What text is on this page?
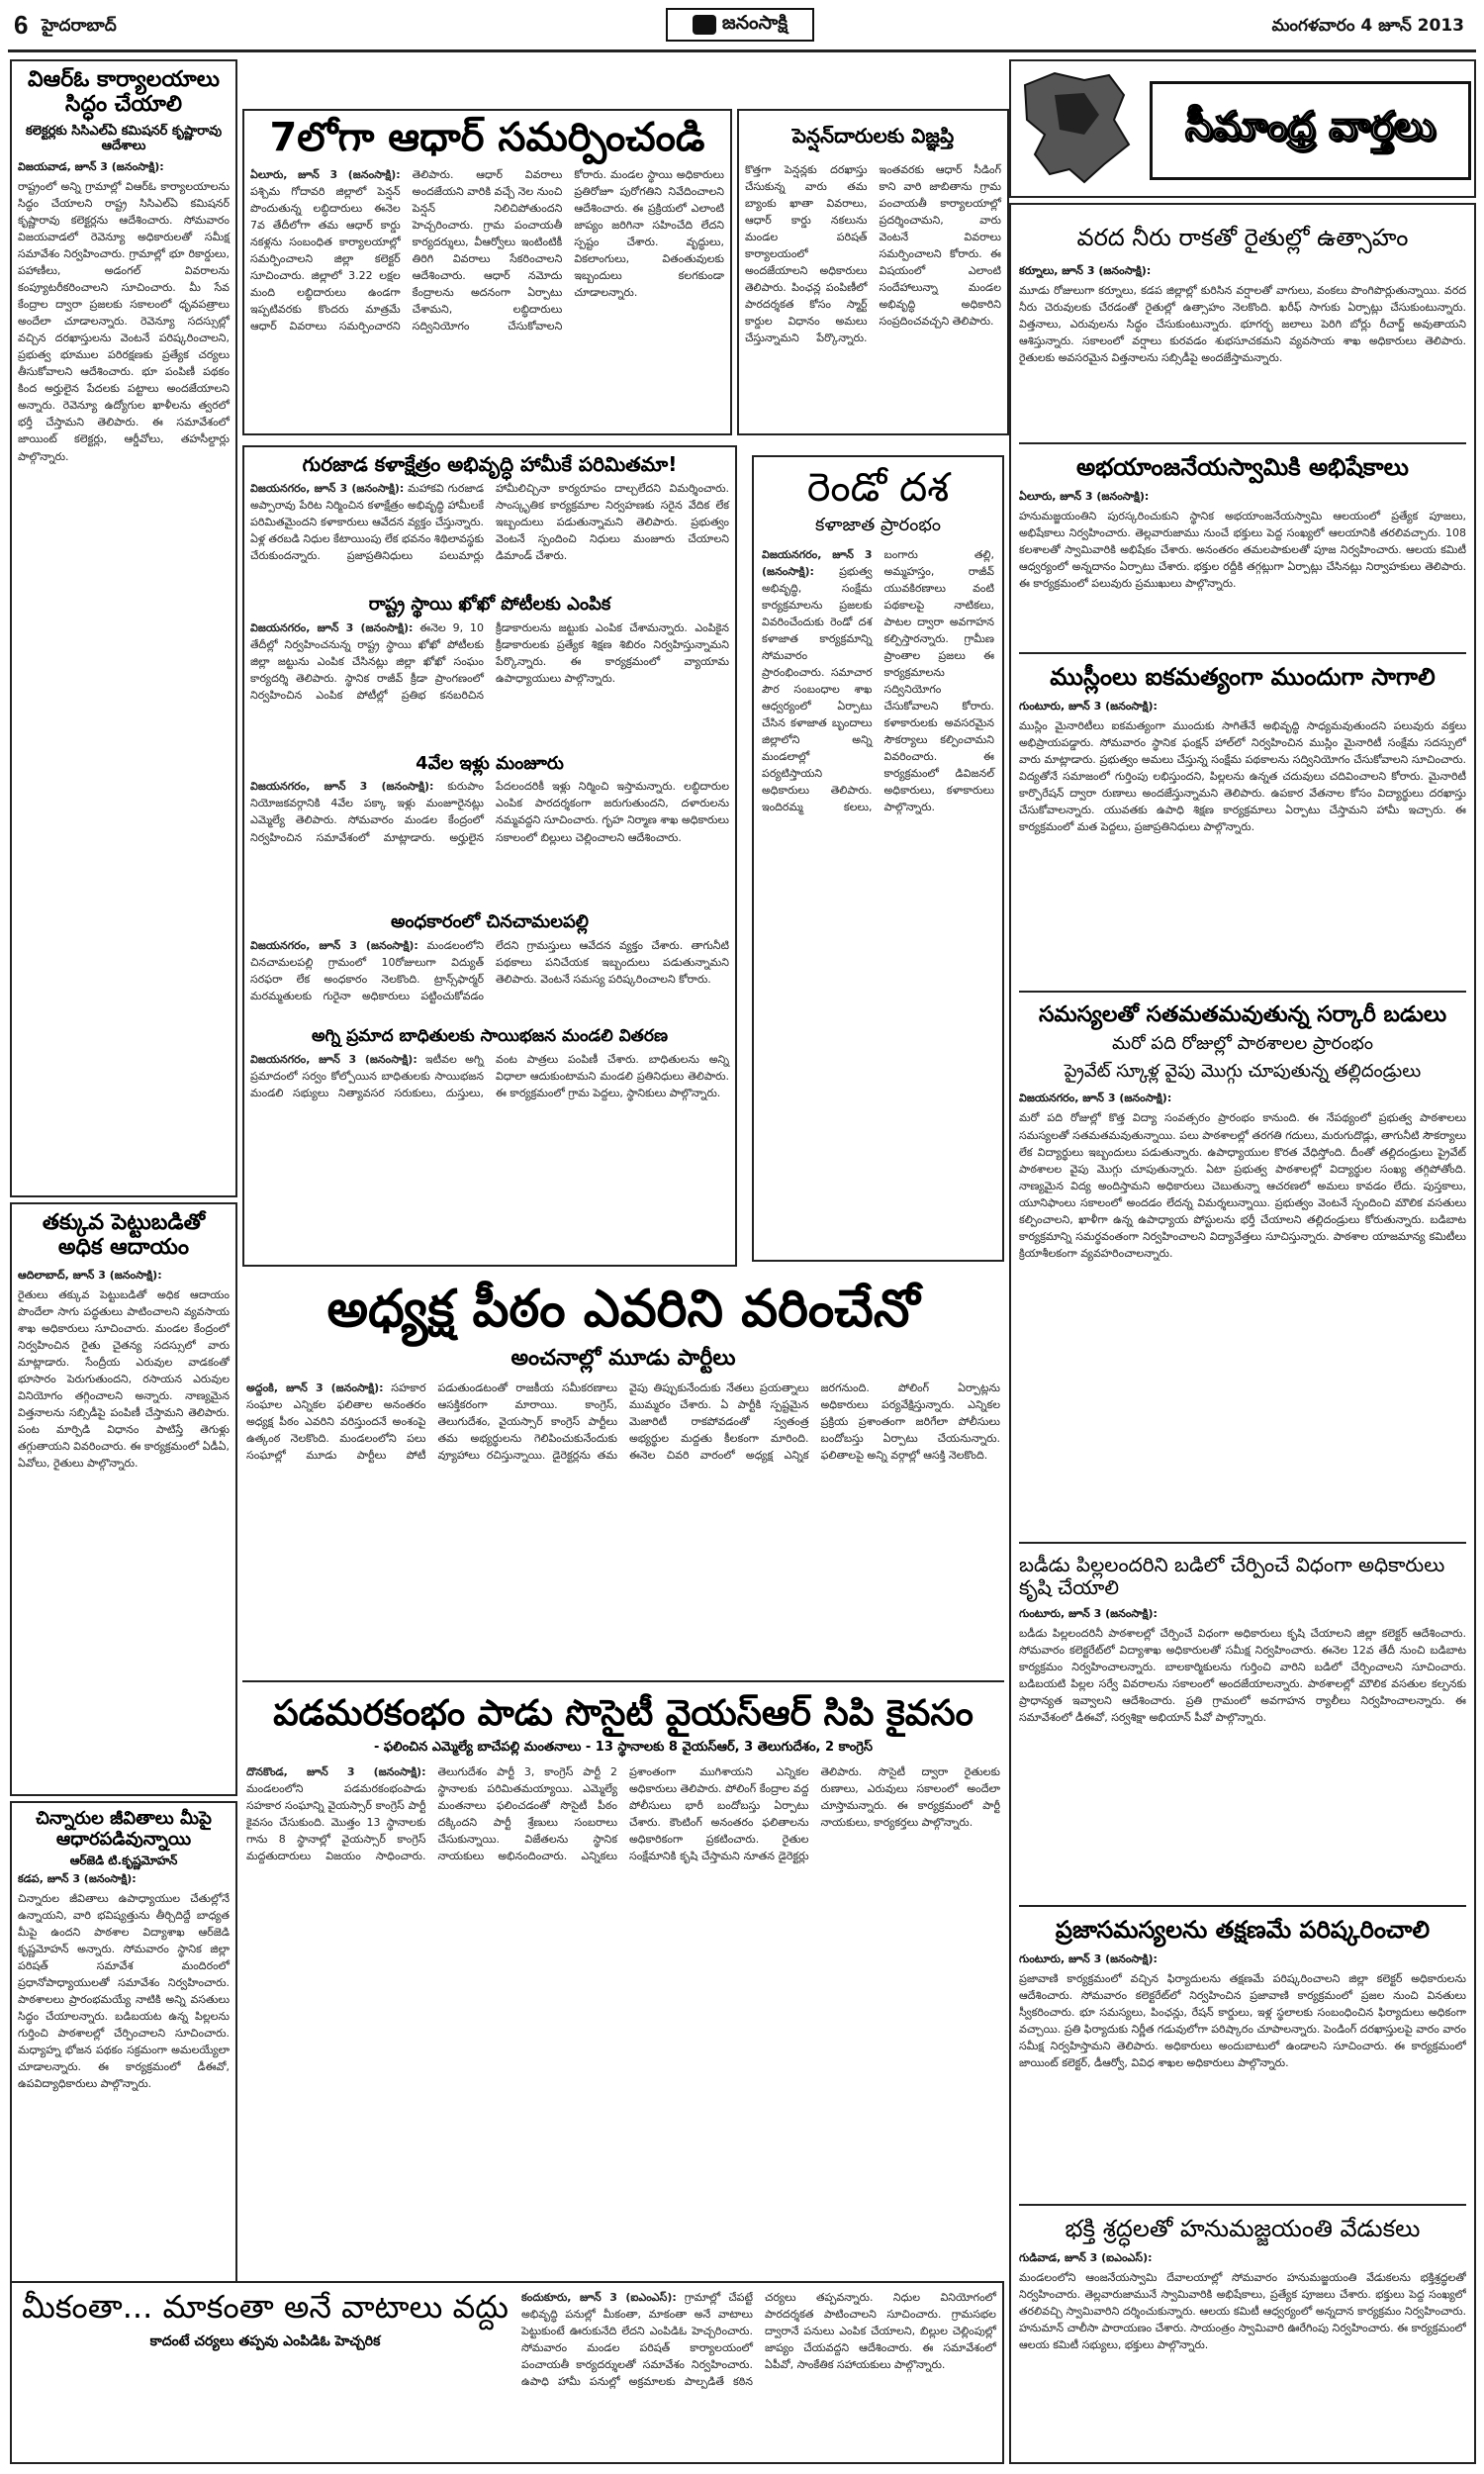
6 హైదరాబాద్	జనంసాక్షి	మంగళవారం 4 జూన్ 2013
విఆర్ఓ కార్యాలయాలు సిద్ధం చేయాలి
కలెక్టర్లకు సిసిఎల్ఏ కమిషనర్ కృష్ణారావు ఆదేశాలు
విజయవాడ, జూన్ 3 (జనంసాక్షి):
రాష్ట్రంలో అన్ని గ్రామాల్లో విఆర్ఓ కార్యాలయాలను సిద్ధం చేయాలని రాష్ట్ర సిసిఎల్ఏ కమిషనర్ కృష్ణారావు కలెక్టర్లను ఆదేశించారు. సోమవారం విజయవాడలో రెవెన్యూ అధికారులతో సమీక్ష సమావేశం నిర్వహించారు. గ్రామాల్లో భూ రికార్డులు, పహాణీలు, అడంగల్ వివరాలను కంప్యూటరీకరించాలని సూచించారు. మీ సేవ కేంద్రాల ద్వారా ప్రజలకు సకాలంలో ధృవపత్రాలు అందేలా చూడాలన్నారు. రెవెన్యూ సదస్సుల్లో వచ్చిన దరఖాస్తులను వెంటనే పరిష్కరించాలని, ప్రభుత్వ భూముల పరిరక్షణకు ప్రత్యేక చర్యలు తీసుకోవాలని ఆదేశించారు. భూ పంపిణీ పథకం కింద అర్హులైన పేదలకు పట్టాలు అందజేయాలని అన్నారు. రెవెన్యూ ఉద్యోగుల ఖాళీలను త్వరలో భర్తీ చేస్తామని తెలిపారు. ఈ సమావేశంలో జాయింట్ కలెక్టర్లు, ఆర్డీవోలు, తహసీల్దార్లు పాల్గొన్నారు.
తక్కువ పెట్టుబడితో అధిక ఆదాయం
ఆదిలాబాద్, జూన్ 3 (జనంసాక్షి):
రైతులు తక్కువ పెట్టుబడితో అధిక ఆదాయం పొందేలా సాగు పద్ధతులు పాటించాలని వ్యవసాయ శాఖ అధికారులు సూచించారు. మండల కేంద్రంలో నిర్వహించిన రైతు చైతన్య సదస్సులో వారు మాట్లాడారు. సేంద్రీయ ఎరువుల వాడకంతో భూసారం పెరుగుతుందని, రసాయన ఎరువుల వినియోగం తగ్గించాలని అన్నారు. నాణ్యమైన విత్తనాలను సబ్సిడీపై పంపిణీ చేస్తామని తెలిపారు. పంట మార్పిడి విధానం పాటిస్తే తెగుళ్లు తగ్గుతాయని వివరించారు. ఈ కార్యక్రమంలో ఏడీఏ, ఏవోలు, రైతులు పాల్గొన్నారు.
చిన్నారుల జీవితాలు మీపై ఆధారపడివున్నాయి
ఆర్‌జెడి టి.కృష్ణమోహన్
కడప, జూన్ 3 (జనంసాక్షి):
చిన్నారుల జీవితాలు ఉపాధ్యాయుల చేతుల్లోనే ఉన్నాయని, వారి భవిష్యత్తును తీర్చిదిద్దే బాధ్యత మీపై ఉందని పాఠశాల విద్యాశాఖ ఆర్‌జెడి కృష్ణమోహన్ అన్నారు. సోమవారం స్థానిక జిల్లా పరిషత్ సమావేశ మందిరంలో ప్రధానోపాధ్యాయులతో సమావేశం నిర్వహించారు. పాఠశాలలు ప్రారంభమయ్యే నాటికి అన్ని వసతులు సిద్ధం చేయాలన్నారు. బడిబయట ఉన్న పిల్లలను గుర్తించి పాఠశాలల్లో చేర్పించాలని సూచించారు. మధ్యాహ్న భోజన పథకం సక్రమంగా అమలయ్యేలా చూడాలన్నారు. ఈ కార్యక్రమంలో డీఈవో, ఉపవిద్యాధికారులు పాల్గొన్నారు.
7లోగా ఆధార్ సమర్పించండి
ఏలూరు, జూన్ 3 (జనంసాక్షి): పశ్చిమ గోదావరి జిల్లాలో పెన్షన్ పొందుతున్న లబ్ధిదారులు ఈనెల 7వ తేదీలోగా తమ ఆధార్ కార్డు నకళ్లను సంబంధిత కార్యాలయాల్లో సమర్పించాలని జిల్లా కలెక్టర్ సూచించారు. జిల్లాలో 3.22 లక్షల మంది లబ్ధిదారులు ఉండగా ఇప్పటివరకు కొందరు మాత్రమే ఆధార్ వివరాలు సమర్పించారని తెలిపారు. ఆధార్ వివరాలు అందజేయని వారికి వచ్చే నెల నుంచి పెన్షన్ నిలిచిపోతుందని హెచ్చరించారు. గ్రామ పంచాయతీ కార్యదర్శులు, వీఆర్వోలు ఇంటింటికీ తిరిగి వివరాలు సేకరించాలని ఆదేశించారు. ఆధార్ నమోదు కేంద్రాలను అదనంగా ఏర్పాటు చేశామని, లబ్ధిదారులు సద్వినియోగం చేసుకోవాలని కోరారు. మండల స్థాయి అధికారులు ప్రతిరోజూ పురోగతిని నివేదించాలని ఆదేశించారు. ఈ ప్రక్రియలో ఎలాంటి జాప్యం జరిగినా సహించేది లేదని స్పష్టం చేశారు. వృద్ధులు, వికలాంగులు, వితంతువులకు ఇబ్బందులు కలగకుండా చూడాలన్నారు.
పెన్షన్‌దారులకు విజ్ఞప్తి
కొత్తగా పెన్షన్లకు దరఖాస్తు చేసుకున్న వారు తమ బ్యాంకు ఖాతా వివరాలు, ఆధార్ కార్డు నకలును మండల పరిషత్ కార్యాలయంలో అందజేయాలని అధికారులు తెలిపారు. పింఛన్ల పంపిణీలో పారదర్శకత కోసం స్మార్ట్ కార్డుల విధానం అమలు చేస్తున్నామని పేర్కొన్నారు. ఇంతవరకు ఆధార్ సీడింగ్ కాని వారి జాబితాను గ్రామ పంచాయతీ కార్యాలయాల్లో ప్రదర్శించామని, వారు వెంటనే వివరాలు సమర్పించాలని కోరారు. ఈ విషయంలో ఎలాంటి సందేహాలున్నా మండల అభివృద్ధి అధికారిని సంప్రదించవచ్చని తెలిపారు.
గురజాడ కళాక్షేత్రం అభివృద్ధి హామీకే పరిమితమా!
విజయనగరం, జూన్ 3 (జనంసాక్షి): మహాకవి గురజాడ అప్పారావు పేరిట నిర్మించిన కళాక్షేత్రం అభివృద్ధి హామీలకే పరిమితమైందని కళాకారులు ఆవేదన వ్యక్తం చేస్తున్నారు. ఏళ్ల తరబడి నిధుల కేటాయింపు లేక భవనం శిథిలావస్థకు చేరుకుందన్నారు. ప్రజాప్రతినిధులు పలుమార్లు హామీలిచ్చినా కార్యరూపం దాల్చలేదని విమర్శించారు. సాంస్కృతిక కార్యక్రమాల నిర్వహణకు సరైన వేదిక లేక ఇబ్బందులు పడుతున్నామని తెలిపారు. ప్రభుత్వం వెంటనే స్పందించి నిధులు మంజూరు చేయాలని డిమాండ్ చేశారు.
రాష్ట్ర స్థాయి ఖోఖో పోటీలకు ఎంపిక
విజయనగరం, జూన్ 3 (జనంసాక్షి): ఈనెల 9, 10 తేదీల్లో నిర్వహించనున్న రాష్ట్ర స్థాయి ఖోఖో పోటీలకు జిల్లా జట్టును ఎంపిక చేసినట్లు జిల్లా ఖోఖో సంఘం కార్యదర్శి తెలిపారు. స్థానిక రాజీవ్ క్రీడా ప్రాంగణంలో నిర్వహించిన ఎంపిక పోటీల్లో ప్రతిభ కనబరిచిన క్రీడాకారులను జట్టుకు ఎంపిక చేశామన్నారు. ఎంపికైన క్రీడాకారులకు ప్రత్యేక శిక్షణ శిబిరం నిర్వహిస్తున్నామని పేర్కొన్నారు. ఈ కార్యక్రమంలో వ్యాయామ ఉపాధ్యాయులు పాల్గొన్నారు.
4వేల ఇళ్లు మంజూరు
విజయనగరం, జూన్ 3 (జనంసాక్షి): కురుపాం నియోజకవర్గానికి 4వేల పక్కా ఇళ్లు మంజూరైనట్లు ఎమ్మెల్యే తెలిపారు. సోమవారం మండల కేంద్రంలో నిర్వహించిన సమావేశంలో మాట్లాడారు. అర్హులైన పేదలందరికీ ఇళ్లు నిర్మించి ఇస్తామన్నారు. లబ్ధిదారుల ఎంపిక పారదర్శకంగా జరుగుతుందని, దళారులను నమ్మవద్దని సూచించారు. గృహ నిర్మాణ శాఖ అధికారులు సకాలంలో బిల్లులు చెల్లించాలని ఆదేశించారు.
అంధకారంలో చినచామలపల్లి
విజయనగరం, జూన్ 3 (జనంసాక్షి): మండలంలోని చినచామలపల్లి గ్రామంలో 10రోజులుగా విద్యుత్ సరఫరా లేక అంధకారం నెలకొంది. ట్రాన్స్‌ఫార్మర్ మరమ్మతులకు గురైనా అధికారులు పట్టించుకోవడం లేదని గ్రామస్తులు ఆవేదన వ్యక్తం చేశారు. తాగునీటి పథకాలు పనిచేయక ఇబ్బందులు పడుతున్నామని తెలిపారు. వెంటనే సమస్య పరిష్కరించాలని కోరారు.
అగ్ని ప్రమాద బాధితులకు సాయిభజన మండలి వితరణ
విజయనగరం, జూన్ 3 (జనంసాక్షి): ఇటీవల అగ్ని ప్రమాదంలో సర్వం కోల్పోయిన బాధితులకు సాయిభజన మండలి సభ్యులు నిత్యావసర సరుకులు, దుస్తులు, వంట పాత్రలు పంపిణీ చేశారు. బాధితులను అన్ని విధాలా ఆదుకుంటామని మండలి ప్రతినిధులు తెలిపారు. ఈ కార్యక్రమంలో గ్రామ పెద్దలు, స్థానికులు పాల్గొన్నారు.
రెండో దశ
కళాజాత ప్రారంభం
విజయనగరం, జూన్ 3 (జనంసాక్షి): ప్రభుత్వ అభివృద్ధి, సంక్షేమ కార్యక్రమాలను ప్రజలకు వివరించేందుకు రెండో దశ కళాజాత కార్యక్రమాన్ని సోమవారం ప్రారంభించారు. సమాచార పౌర సంబంధాల శాఖ ఆధ్వర్యంలో ఏర్పాటు చేసిన కళాజాత బృందాలు జిల్లాలోని అన్ని మండలాల్లో పర్యటిస్తాయని అధికారులు తెలిపారు. ఇందిరమ్మ కలలు, బంగారు తల్లి, అమ్మహస్తం, రాజీవ్ యువకిరణాలు వంటి పథకాలపై నాటికలు, పాటల ద్వారా అవగాహన కల్పిస్తారన్నారు. గ్రామీణ ప్రాంతాల ప్రజలు ఈ కార్యక్రమాలను సద్వినియోగం చేసుకోవాలని కోరారు. కళాకారులకు అవసరమైన సౌకర్యాలు కల్పించామని వివరించారు. ఈ కార్యక్రమంలో డివిజనల్ అధికారులు, కళాకారులు పాల్గొన్నారు.
అధ్యక్ష పీఠం ఎవరిని వరించేనో
అంచనాల్లో మూడు పార్టీలు
అద్దంకి, జూన్ 3 (జనంసాక్షి): సహకార సంఘాల ఎన్నికల ఫలితాల అనంతరం అధ్యక్ష పీఠం ఎవరిని వరిస్తుందనే అంశంపై ఉత్కంఠ నెలకొంది. మండలంలోని పలు సంఘాల్లో మూడు పార్టీలు పోటీ పడుతుండటంతో రాజకీయ సమీకరణాలు ఆసక్తికరంగా మారాయి. కాంగ్రెస్, తెలుగుదేశం, వైయస్సార్ కాంగ్రెస్ పార్టీలు తమ అభ్యర్థులను గెలిపించుకునేందుకు వ్యూహాలు రచిస్తున్నాయి. డైరెక్టర్లను తమ వైపు తిప్పుకునేందుకు నేతలు ప్రయత్నాలు ముమ్మరం చేశారు. ఏ పార్టీకి స్పష్టమైన మెజారిటీ రాకపోవడంతో స్వతంత్ర అభ్యర్థుల మద్దతు కీలకంగా మారింది. ఈనెల చివరి వారంలో అధ్యక్ష ఎన్నిక జరగనుంది. పోలింగ్ ఏర్పాట్లను అధికారులు పర్యవేక్షిస్తున్నారు. ఎన్నికల ప్రక్రియ ప్రశాంతంగా జరిగేలా పోలీసులు బందోబస్తు ఏర్పాటు చేయనున్నారు. ఫలితాలపై అన్ని వర్గాల్లో ఆసక్తి నెలకొంది.
పడమరకంభం పాడు సొసైటీ వైయస్ఆర్ సిపి కైవసం
- ఫలించిన ఎమ్మెల్యే బాచేపల్లి మంతనాలు - 13 స్థానాలకు 8 వైయస్ఆర్, 3 తెలుగుదేశం, 2 కాంగ్రెస్
దొనకొండ, జూన్ 3 (జనంసాక్షి): మండలంలోని పడమరకంభంపాడు సహకార సంఘాన్ని వైయస్సార్ కాంగ్రెస్ పార్టీ కైవసం చేసుకుంది. మొత్తం 13 స్థానాలకు గాను 8 స్థానాల్లో వైయస్సార్ కాంగ్రెస్ మద్దతుదారులు విజయం సాధించారు. తెలుగుదేశం పార్టీ 3, కాంగ్రెస్ పార్టీ 2 స్థానాలకు పరిమితమయ్యాయి. ఎమ్మెల్యే మంతనాలు ఫలించడంతో సొసైటీ పీఠం దక్కిందని పార్టీ శ్రేణులు సంబరాలు చేసుకున్నాయి. విజేతలను స్థానిక నాయకులు అభినందించారు. ఎన్నికలు ప్రశాంతంగా ముగిశాయని ఎన్నికల అధికారులు తెలిపారు. పోలింగ్ కేంద్రాల వద్ద పోలీసులు భారీ బందోబస్తు ఏర్పాటు చేశారు. కౌంటింగ్ అనంతరం ఫలితాలను అధికారికంగా ప్రకటించారు. రైతుల సంక్షేమానికి కృషి చేస్తామని నూతన డైరెక్టర్లు తెలిపారు. సొసైటీ ద్వారా రైతులకు రుణాలు, ఎరువులు సకాలంలో అందేలా చూస్తామన్నారు. ఈ కార్యక్రమంలో పార్టీ నాయకులు, కార్యకర్తలు పాల్గొన్నారు.
మీకంతా... మాకంతా అనే వాటాలు వద్దు
కాదంటే చర్యలు తప్పవు ఎంపిడిఓ హెచ్చరిక
కందుకూరు, జూన్ 3 (ఐఎంఎస్): గ్రామాల్లో చేపట్టే అభివృద్ధి పనుల్లో మీకంతా, మాకంతా అనే వాటాలు పెట్టుకుంటే ఊరుకునేది లేదని ఎంపిడిఓ హెచ్చరించారు. సోమవారం మండల పరిషత్ కార్యాలయంలో పంచాయతీ కార్యదర్శులతో సమావేశం నిర్వహించారు. ఉపాధి హామీ పనుల్లో అక్రమాలకు పాల్పడితే కఠిన చర్యలు తప్పవన్నారు. నిధుల వినియోగంలో పారదర్శకత పాటించాలని సూచించారు. గ్రామసభల ద్వారానే పనులు ఎంపిక చేయాలని, బిల్లుల చెల్లింపుల్లో జాప్యం చేయవద్దని ఆదేశించారు. ఈ సమావేశంలో ఏపీవో, సాంకేతిక సహాయకులు పాల్గొన్నారు.
సీమాంధ్ర వార్తలు
వరద నీరు రాకతో రైతుల్లో ఉత్సాహం
కర్నూలు, జూన్ 3 (జనంసాక్షి):
మూడు రోజులుగా కర్నూలు, కడప జిల్లాల్లో కురిసిన వర్షాలతో వాగులు, వంకలు పొంగిపొర్లుతున్నాయి. వరద నీరు చెరువులకు చేరడంతో రైతుల్లో ఉత్సాహం నెలకొంది. ఖరీఫ్ సాగుకు ఏర్పాట్లు చేసుకుంటున్నారు. విత్తనాలు, ఎరువులను సిద్ధం చేసుకుంటున్నారు. భూగర్భ జలాలు పెరిగి బోర్లు రీచార్జ్ అవుతాయని ఆశిస్తున్నారు. సకాలంలో వర్షాలు కురవడం శుభసూచకమని వ్యవసాయ శాఖ అధికారులు తెలిపారు. రైతులకు అవసరమైన విత్తనాలను సబ్సిడీపై అందజేస్తామన్నారు.
అభయాంజనేయస్వామికి అభిషేకాలు
ఏలూరు, జూన్ 3 (జనంసాక్షి):
హనుమజ్జయంతిని పురస్కరించుకుని స్థానిక అభయాంజనేయస్వామి ఆలయంలో ప్రత్యేక పూజలు, అభిషేకాలు నిర్వహించారు. తెల్లవారుజాము నుంచే భక్తులు పెద్ద సంఖ్యలో ఆలయానికి తరలివచ్చారు. 108 కలశాలతో స్వామివారికి అభిషేకం చేశారు. అనంతరం తమలపాకులతో పూజ నిర్వహించారు. ఆలయ కమిటీ ఆధ్వర్యంలో అన్నదానం ఏర్పాటు చేశారు. భక్తుల రద్దీకి తగ్గట్లుగా ఏర్పాట్లు చేసినట్లు నిర్వాహకులు తెలిపారు. ఈ కార్యక్రమంలో పలువురు ప్రముఖులు పాల్గొన్నారు.
ముస్లీంలు ఐకమత్యంగా ముందుగా సాగాలి
గుంటూరు, జూన్ 3 (జనంసాక్షి):
ముస్లిం మైనారిటీలు ఐకమత్యంగా ముందుకు సాగితేనే అభివృద్ధి సాధ్యమవుతుందని పలువురు వక్తలు అభిప్రాయపడ్డారు. సోమవారం స్థానిక ఫంక్షన్ హాల్‌లో నిర్వహించిన ముస్లిం మైనారిటీ సంక్షేమ సదస్సులో వారు మాట్లాడారు. ప్రభుత్వం అమలు చేస్తున్న సంక్షేమ పథకాలను సద్వినియోగం చేసుకోవాలని సూచించారు. విద్యతోనే సమాజంలో గుర్తింపు లభిస్తుందని, పిల్లలను ఉన్నత చదువులు చదివించాలని కోరారు. మైనారిటీ కార్పొరేషన్ ద్వారా రుణాలు అందజేస్తున్నామని తెలిపారు. ఉపకార వేతనాల కోసం విద్యార్థులు దరఖాస్తు చేసుకోవాలన్నారు. యువతకు ఉపాధి శిక్షణ కార్యక్రమాలు ఏర్పాటు చేస్తామని హామీ ఇచ్చారు. ఈ కార్యక్రమంలో మత పెద్దలు, ప్రజాప్రతినిధులు పాల్గొన్నారు.
సమస్యలతో సతమతమవుతున్న సర్కారీ బడులు
మరో పది రోజుల్లో పాఠశాలల ప్రారంభం
ప్రైవేట్ స్కూళ్ల వైపు మొగ్గు చూపుతున్న తల్లిదండ్రులు
విజయనగరం, జూన్ 3 (జనంసాక్షి):
మరో పది రోజుల్లో కొత్త విద్యా సంవత్సరం ప్రారంభం కానుంది. ఈ నేపథ్యంలో ప్రభుత్వ పాఠశాలలు సమస్యలతో సతమతమవుతున్నాయి. పలు పాఠశాలల్లో తరగతి గదులు, మరుగుదొడ్లు, తాగునీటి సౌకర్యాలు లేక విద్యార్థులు ఇబ్బందులు పడుతున్నారు. ఉపాధ్యాయుల కొరత వేధిస్తోంది. దీంతో తల్లిదండ్రులు ప్రైవేట్ పాఠశాలల వైపు మొగ్గు చూపుతున్నారు. ఏటా ప్రభుత్వ పాఠశాలల్లో విద్యార్థుల సంఖ్య తగ్గిపోతోంది. నాణ్యమైన విద్య అందిస్తామని అధికారులు చెబుతున్నా ఆచరణలో అమలు కావడం లేదు. పుస్తకాలు, యూనిఫాంలు సకాలంలో అందడం లేదన్న విమర్శలున్నాయి. ప్రభుత్వం వెంటనే స్పందించి మౌలిక వసతులు కల్పించాలని, ఖాళీగా ఉన్న ఉపాధ్యాయ పోస్టులను భర్తీ చేయాలని తల్లిదండ్రులు కోరుతున్నారు. బడిబాట కార్యక్రమాన్ని సమర్థవంతంగా నిర్వహించాలని విద్యావేత్తలు సూచిస్తున్నారు. పాఠశాల యాజమాన్య కమిటీలు క్రియాశీలకంగా వ్యవహరించాలన్నారు.
బడీడు పిల్లలందరిని బడిలో చేర్పించే విధంగా అధికారులు కృషి చేయాలి
గుంటూరు, జూన్ 3 (జనంసాక్షి):
బడీడు పిల్లలందరినీ పాఠశాలల్లో చేర్పించే విధంగా అధికారులు కృషి చేయాలని జిల్లా కలెక్టర్ ఆదేశించారు. సోమవారం కలెక్టరేట్‌లో విద్యాశాఖ అధికారులతో సమీక్ష నిర్వహించారు. ఈనెల 12వ తేదీ నుంచి బడిబాట కార్యక్రమం నిర్వహించాలన్నారు. బాలకార్మికులను గుర్తించి వారిని బడిలో చేర్పించాలని సూచించారు. బడిబయటి పిల్లల సర్వే వివరాలను సకాలంలో అందజేయాలన్నారు. పాఠశాలల్లో మౌలిక వసతుల కల్పనకు ప్రాధాన్యత ఇవ్వాలని ఆదేశించారు. ప్రతి గ్రామంలో అవగాహన ర్యాలీలు నిర్వహించాలన్నారు. ఈ సమావేశంలో డీఈవో, సర్వశిక్షా అభియాన్ పీవో పాల్గొన్నారు.
ప్రజాసమస్యలను తక్షణమే పరిష్కరించాలి
గుంటూరు, జూన్ 3 (జనంసాక్షి):
ప్రజావాణి కార్యక్రమంలో వచ్చిన ఫిర్యాదులను తక్షణమే పరిష్కరించాలని జిల్లా కలెక్టర్ అధికారులను ఆదేశించారు. సోమవారం కలెక్టరేట్‌లో నిర్వహించిన ప్రజావాణి కార్యక్రమంలో ప్రజల నుంచి వినతులు స్వీకరించారు. భూ సమస్యలు, పింఛన్లు, రేషన్ కార్డులు, ఇళ్ల స్థలాలకు సంబంధించిన ఫిర్యాదులు అధికంగా వచ్చాయి. ప్రతి ఫిర్యాదుకు నిర్ణీత గడువులోగా పరిష్కారం చూపాలన్నారు. పెండింగ్ దరఖాస్తులపై వారం వారం సమీక్ష నిర్వహిస్తామని తెలిపారు. అధికారులు అందుబాటులో ఉండాలని సూచించారు. ఈ కార్యక్రమంలో జాయింట్ కలెక్టర్, డీఆర్వో, వివిధ శాఖల అధికారులు పాల్గొన్నారు.
భక్తి శ్రద్ధలతో హనుమజ్జయంతి వేడుకలు
గుడివాడ, జూన్ 3 (ఐఎంఎస్):
మండలంలోని ఆంజనేయస్వామి దేవాలయాల్లో సోమవారం హనుమజ్జయంతి వేడుకలను భక్తిశ్రద్ధలతో నిర్వహించారు. తెల్లవారుజామునే స్వామివారికి అభిషేకాలు, ప్రత్యేక పూజలు చేశారు. భక్తులు పెద్ద సంఖ్యలో తరలివచ్చి స్వామివారిని దర్శించుకున్నారు. ఆలయ కమిటీ ఆధ్వర్యంలో అన్నదాన కార్యక్రమం నిర్వహించారు. హనుమాన్ చాలీసా పారాయణం చేశారు. సాయంత్రం స్వామివారి ఊరేగింపు నిర్వహించారు. ఈ కార్యక్రమంలో ఆలయ కమిటీ సభ్యులు, భక్తులు పాల్గొన్నారు.
